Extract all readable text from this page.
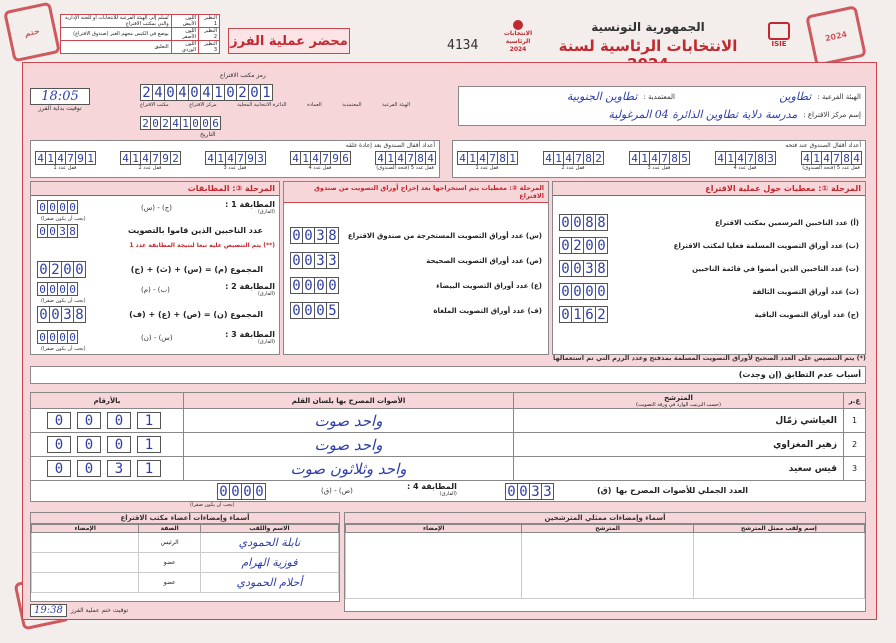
النظير 1	اللون الأبيض	تُسلم إلى الهيئة الفرعية للانتخابات أو للجنة الإدارية والتي بمكتب الاقتراع
النظير 2	اللون الأصفر	يوضع في الكيس مجهم الغير (صندوق الاقتراع)
النظير 3	اللون الوردي	التعليق	محضر عملية الفرز	4134
الانتخابات الرئاسية 2024
الجمهورية التونسية
الانتخابات الرئاسية لسنة	ISIE
ختم	2024
18:05
توقيت بداية الفرز
رمز مكتب الاقتراع
2 4 0 4 0 4 1 0 2 0 1
الهيئة الفرعية
المعتمدية
العمادة
الدائرة الانتخابية المحلية
مركز الاقتراع
مكتب الاقتراع
2 0 2 4 1 0 0 6
التاريخ
الهيئة الفرعية :
تطاوين
المعتمدية :
تطاوين الجنوبية
إسم مركز الاقتراع :
مدرسة دلاية تطاوين الذائرة 04 المرغولية
أعداد أقفال الصندوق بعد إعادة غلقه
4 1 4 7 9 1
قفل عدد 1
4 1 4 7 9 2
قفل عدد 2
4 1 4 7 9 3
قفل عدد 3
4 1 4 7 9 6
قفل عدد 4
4 1 4 7 8 4
قفل عدد 5 (فتحة الصندوق)
أعداد أقفال الصندوق عند فتحه
4 1 4 7 8 1
قفل عدد 1
4 1 4 7 8 2
قفل عدد 2
4 1 4 7 8 5
قفل عدد 3
4 1 4 7 8 3
قفل عدد 4
4 1 4 7 8 4
قفل عدد 5 (فتحة الصندوق)
المرحلة ①: معطيات حول عملية الاقتراع
0 0 8 8	(أ) عدد الناخبين المرسمين بمكتب الاقتراع
0 2 0 0	(ب) عدد أوراق التصويت المسلمة فعليا لمكتب الاقتراع
0 0 3 8	(ت) عدد الناخبين الذين أمضوا في قائمة الناخبين
0 0 0 0	(ث) عدد أوراق التصويت التالفة
0 1 6 2	(ج) عدد أوراق التصويت الباقية
(*) يتم التنصيص على العدد الصحيح لأوراق التصويت المسلمة بمدفتح وعدد الرزم التي تم استعمالها
المرحلة ②: معطيات يتم استخراجها بعد إخراج أوراق التصويت من صندوق الاقتراع
0 0 3 8	(س) عدد أوراق التصويت المستخرجة من صندوق الاقتراع
0 0 3 3	(ص) عدد أوراق التصويت الصحيحة
0 0 0 0	(ع) عدد أوراق التصويت البيضاء
0 0 0 5	(ف) عدد أوراق التصويت الملغاة
المرحلة ③: المطابقات
المطابقة 1 :
(الفارق)
(ج) - (س)
0 0 0 0
(يجب أن يكون صفرا)
عدد الناخبين الذين قاموا بالتصويت
0 0 3 8
(**) يتم التنصيص عليه تبعا لنتيجة المطابقة عدد 1
المجموع (م) = (س) + (ث) + (ج)
0 2 0 0
المطابقة 2 :
(الفارق)
(ب) - (م)
0 0 0 0
(يجب أن يكون صفرا)
المجموع (ن) = (ص) + (ع) + (ف)
0 0 3 8
المطابقة 3 :
(الفارق)
(س) - (ن)
0 0 0 0
(يجب أن يكون صفرا)
أسباب عدم التطابق (إن وجدت)
ع.ر	المترشح
(حسب الترتيب الوارد في ورقة التصويت)	الأصوات المصرح بها بلسان القلم	بالأرقام
1	العياشي زمّال	واحد صوت	0 0 0 1

2	زهير المغزاوي	واحد صوت	0 0 0 1

3	قيس سعيد	واحد وثلاثون صوت	0 0 3 1
(ق) العدد الجملي للأصوات المصرح بها
0 0 3 3
المطابقة 4 :
(الفارق)
(ص) - (ق)
0 0 0 0
(يجب أن يكون صفرا)
أسماء وإمضاءات ممثلي المترشحين
إسم ولقب ممثل المترشح	المترشح	الإمضاء

أسماء وإمضاءات أعضاء مكتب الاقتراع
الاسم واللقب	الصفة	الإمضاء
نابلة الحمودي	الرئيس	
فوزية الهرام	عضو	
أحلام الحمودي	عضو	
توقيت ختم عملية الفرز
19:38
